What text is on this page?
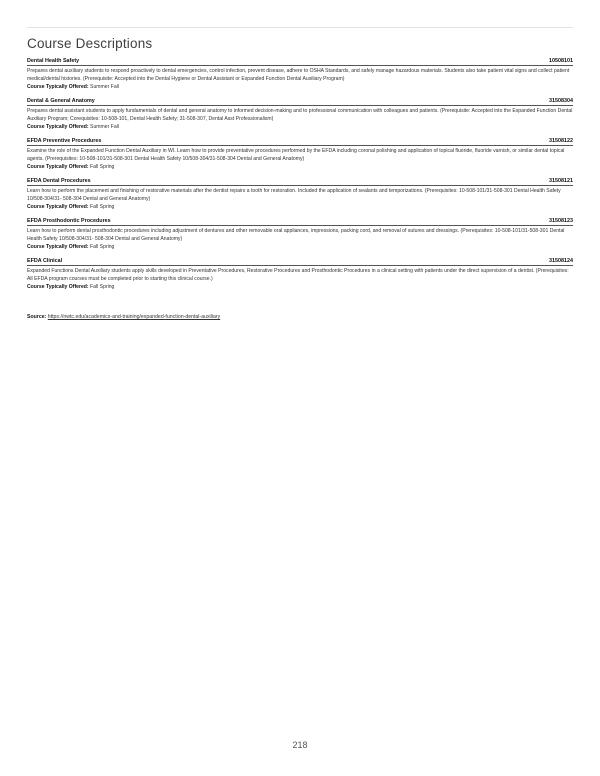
Course Descriptions
Dental Health Safety	10508101
Prepares dental auxiliary students to respond proactively to dental emergencies, control infection, prevent disease, adhere to OSHA Standards, and safely manage hazardous materials. Students also take patient vital signs and collect patient medical/dental histories. (Prerequisite: Accepted into the Dental Hygiene or Dental Assistant or Expanded Function Dental Auxiliary Program)
Course Typically Offered: Summer Fall
Dental & General Anatomy	31508304
Prepares dental assistant students to apply fundamentals of dental and general anatomy to informed decision-making and to professional communication with colleagues and patients. (Prerequisite: Accepted into the Expanded Function Dental Auxiliary Program; Corequisites: 10-508-101, Dental Health Safety; 31-508-307, Dental Asst Professionalism)
Course Typically Offered: Summer Fall
EFDA Preventive Procedures	31508122
Examine the role of the Expanded Function Dental Auxiliary in WI. Learn how to provide preventative procedures performed by the EFDA including coronal polishing and application of topical fluoride, fluoride varnish, or similar dental topical agents. (Prerequisites: 10-508-101/31-508-301 Dental Health Safety 10/508-304/31-508-304 Dental and General Anatomy)
Course Typically Offered: Fall Spring
EFDA Dental Procedures	31508121
Learn how to perform the placement and finishing of restorative materials after the dentist repairs a tooth for restoration. Included the application of sealants and temporizations. (Prerequisites: 10-508-101/31-508-301 Dental Health Safety 10/508-304/31- 508-304 Dental and General Anatomy)
Course Typically Offered: Fall Spring
EFDA Prosthodontic Procedures	31508123
Learn how to perform dental prosthodontic procedures including adjustment of dentures and other removable oral appliances, impressions, packing cord, and removal of sutures and dressings. (Prerequisites: 10-508-101/31-508-301 Dental Health Safety 10/508-304/31- 508-304 Dental and General Anatomy)
Course Typically Offered: Fall Spring
EFDA Clinical	31508124
Expanded Functions Dental Auxiliary students apply skills developed in Preventative Procedures, Restorative Procedures and Prosthodontic Procedures in a clinical setting with patients under the direct supervision of a dentist. (Prerequisites: All EFDA program courses must be completed prior to starting this clinical course.)
Course Typically Offered: Fall Spring
Source: https://nwtc.edu/academics-and-training/expanded-function-dental-auxiliary
218
